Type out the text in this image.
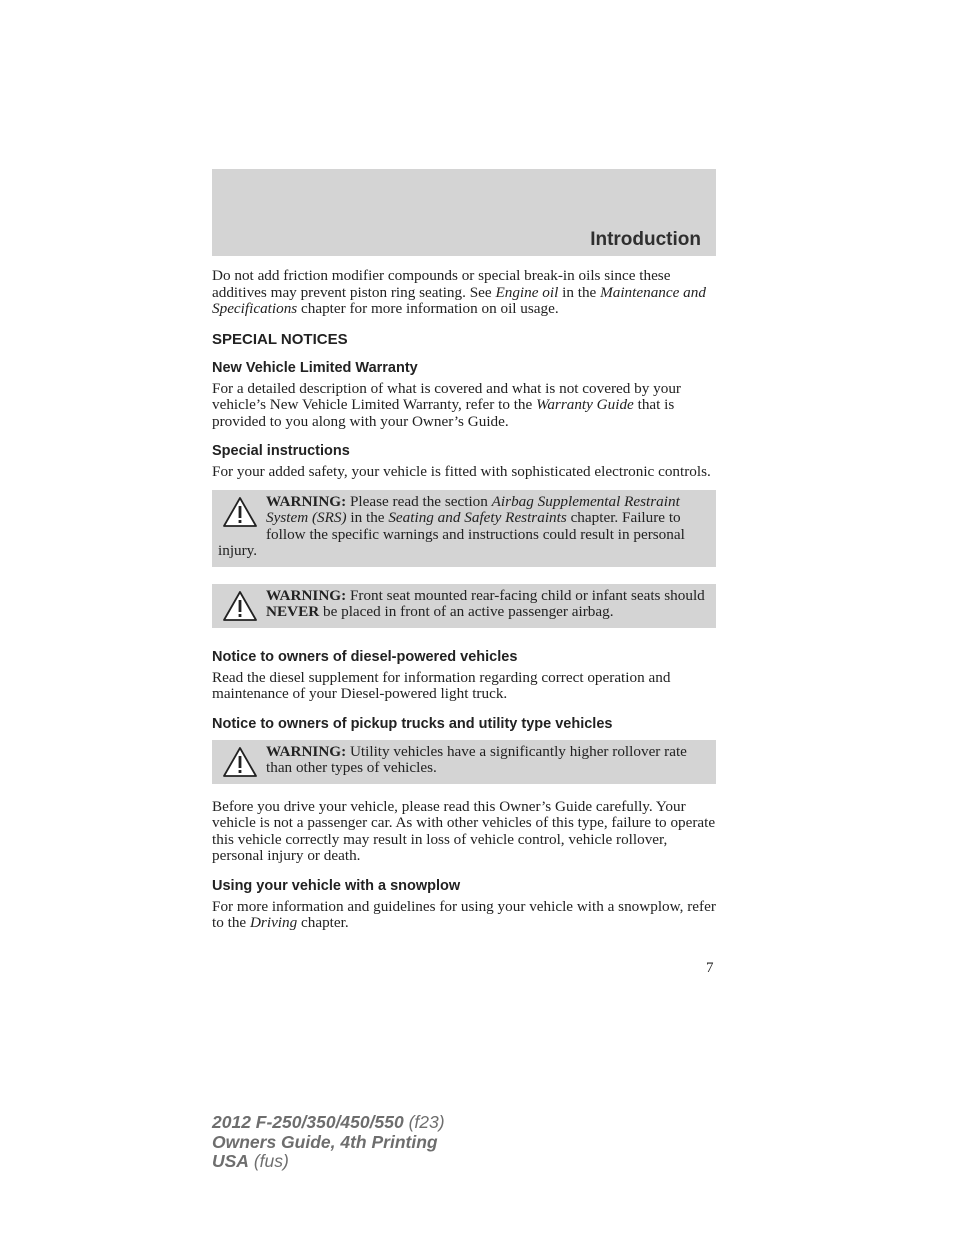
Introduction

Do not add friction modifier compounds or special break-in oils since these additives may prevent piston ring seating. See Engine oil in the Maintenance and Specifications chapter for more information on oil usage.

SPECIAL NOTICES
New Vehicle Limited Warranty

For a detailed description of what is covered and what is not covered by your vehicle’s New Vehicle Limited Warranty, refer to the Warranty Guide that is provided to you along with your Owner’s Guide.

Special instructions

For your added safety, your vehicle is fitted with sophisticated electronic controls.

WARNING: Please read the section Airbag Supplemental Restraint System (SRS) in the Seating and Safety Restraints chapter. Failure to follow the specific warnings and instructions could result in personal injury.

WARNING: Front seat mounted rear-facing child or infant seats should NEVER be placed in front of an active passenger airbag.

Notice to owners of diesel-powered vehicles

Read the diesel supplement for information regarding correct operation and maintenance of your Diesel-powered light truck.

Notice to owners of pickup trucks and utility type vehicles

WARNING: Utility vehicles have a significantly higher rollover rate than other types of vehicles.

Before you drive your vehicle, please read this Owner’s Guide carefully. Your vehicle is not a passenger car. As with other vehicles of this type, failure to operate this vehicle correctly may result in loss of vehicle control, vehicle rollover, personal injury or death.

Using your vehicle with a snowplow

For more information and guidelines for using your vehicle with a snowplow, refer to the Driving chapter.

7
2012 F-250/350/450/550 (f23)
Owners Guide, 4th Printing
USA (fus)
